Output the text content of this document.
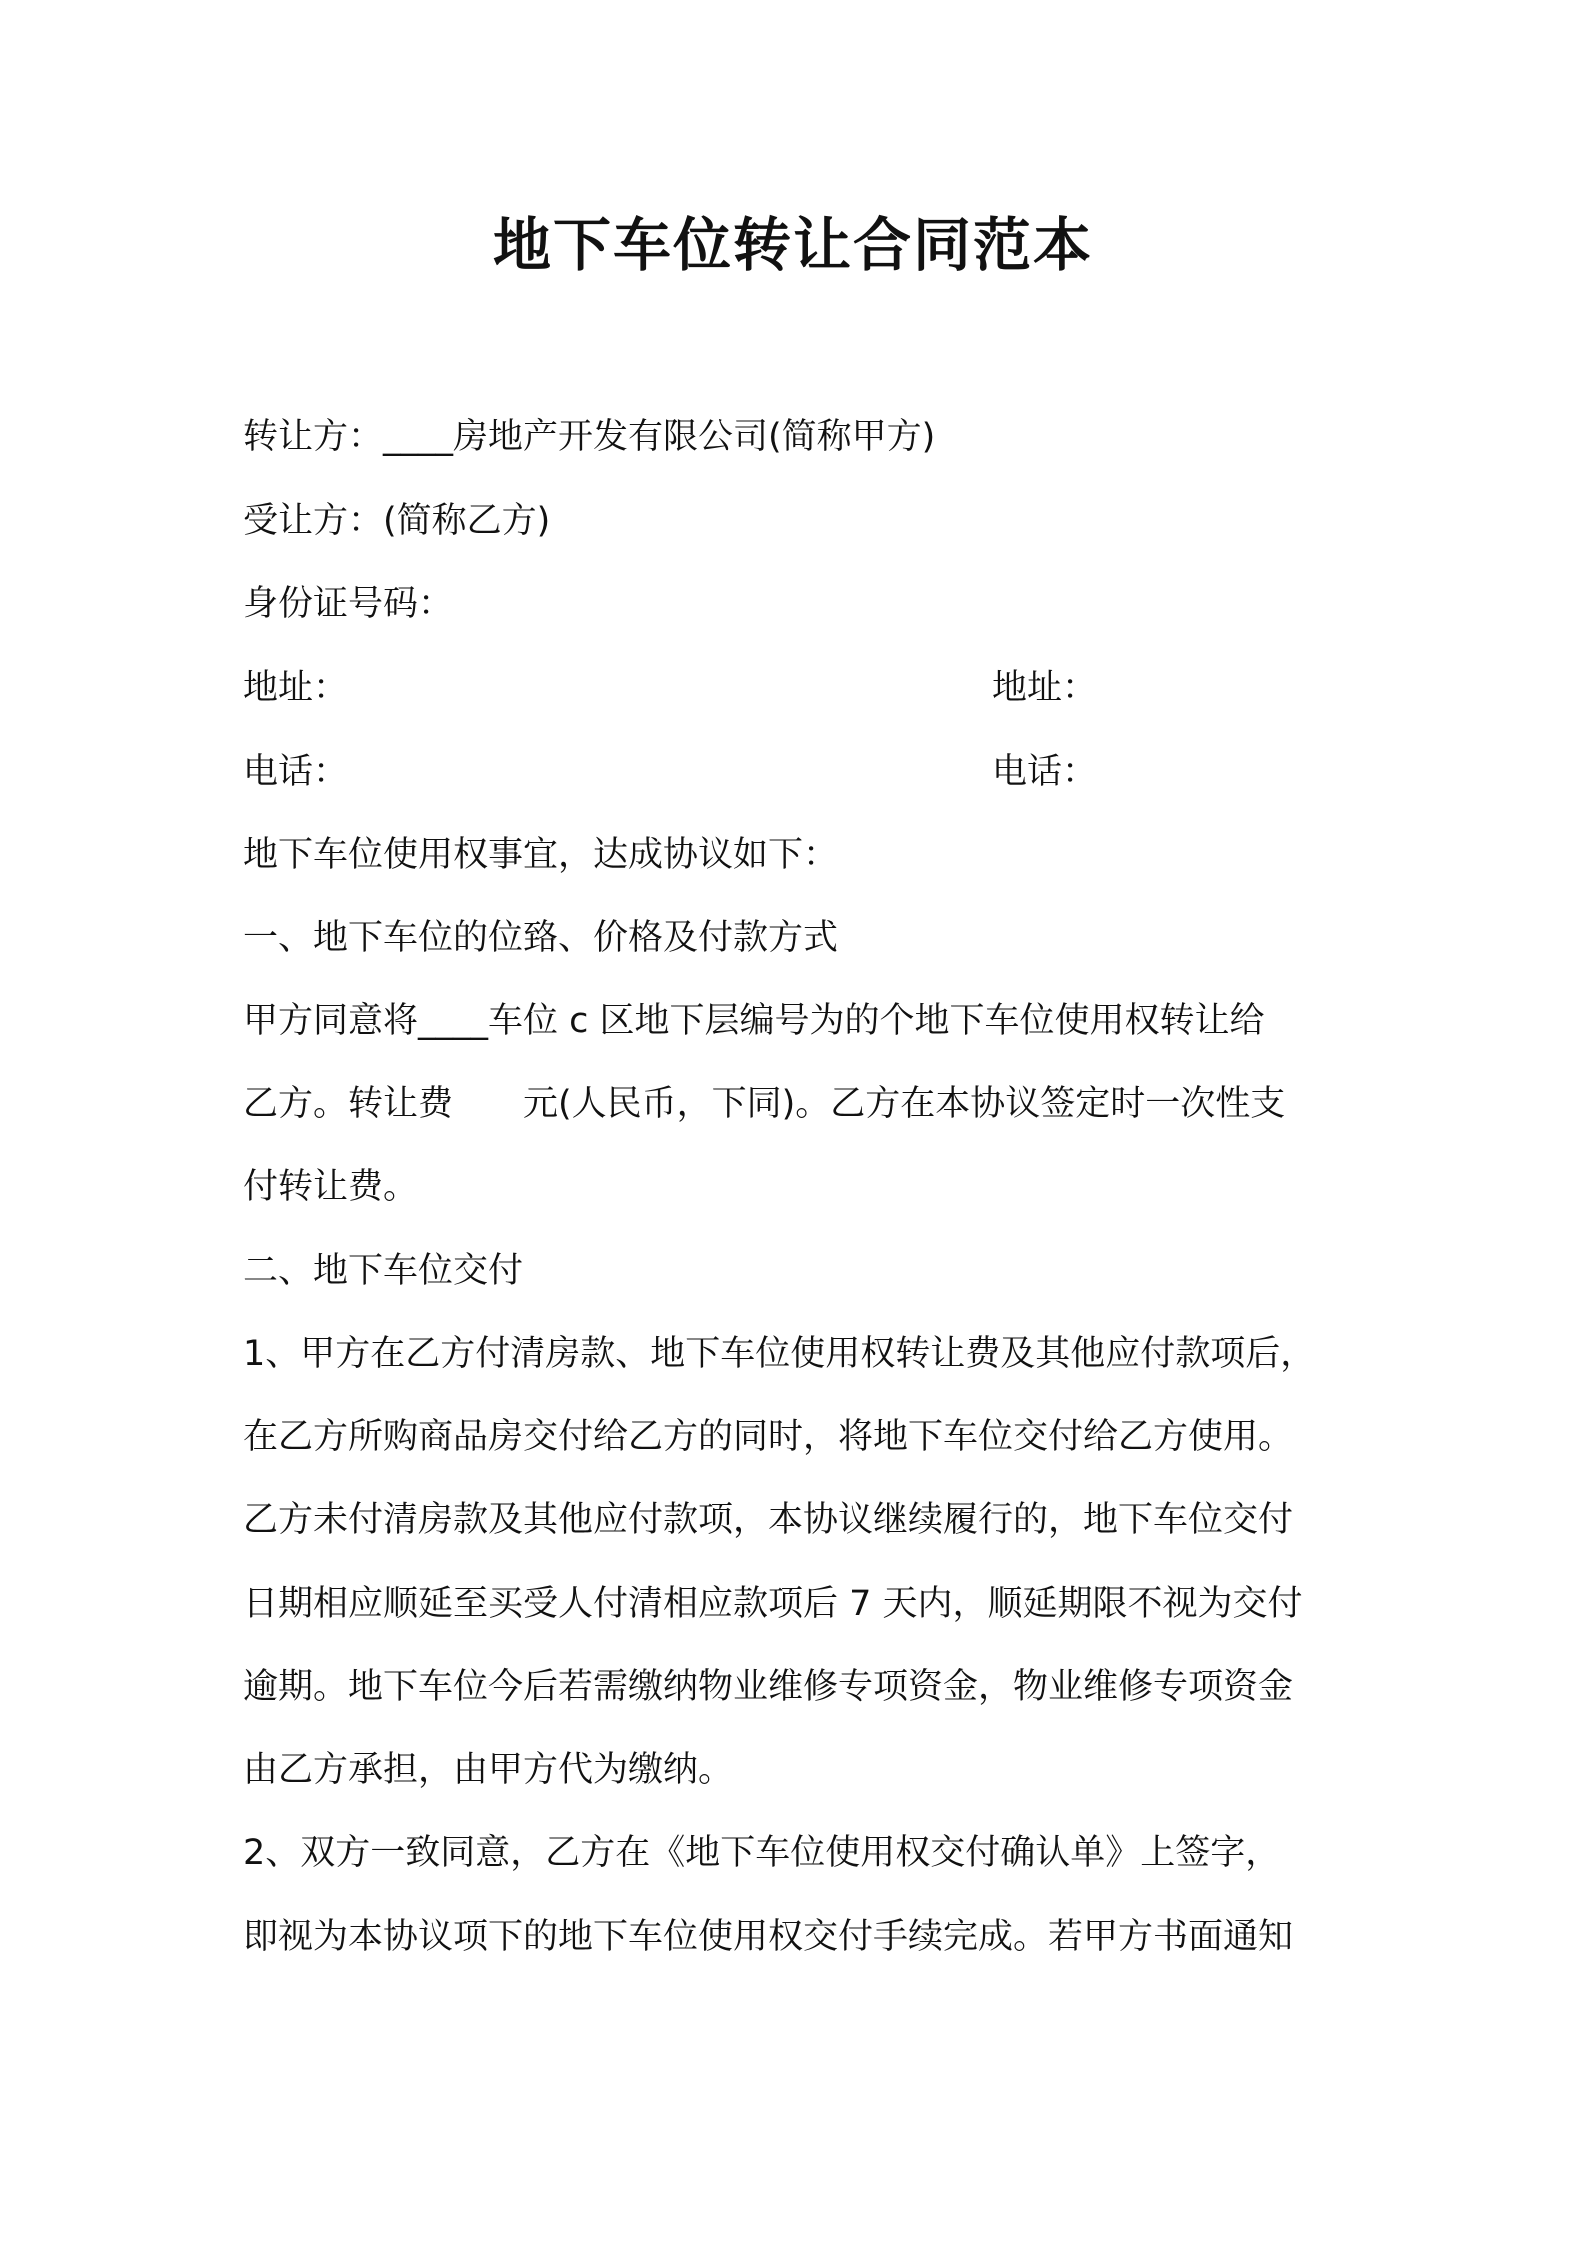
地下车位转让合同范本
转让方：____房地产开发有限公司(简称甲方)
受让方：(简称乙方)
身份证号码：
地址：	地址：
电话：	电话：
地下车位使用权事宜，达成协议如下：
一、地下车位的位臵、价格及付款方式
甲方同意将____车位 c 区地下层编号为的个地下车位使用权转让给
乙方。转让费　　元(人民币，下同)。乙方在本协议签定时一次性支
付转让费。
二、地下车位交付
1、甲方在乙方付清房款、地下车位使用权转让费及其他应付款项后，
在乙方所购商品房交付给乙方的同时，将地下车位交付给乙方使用。
乙方未付清房款及其他应付款项，本协议继续履行的，地下车位交付
日期相应顺延至买受人付清相应款项后 7 天内，顺延期限不视为交付
逾期。地下车位今后若需缴纳物业维修专项资金，物业维修专项资金
由乙方承担，由甲方代为缴纳。
2、双方一致同意，乙方在《地下车位使用权交付确认单》上签字，
即视为本协议项下的地下车位使用权交付手续完成。若甲方书面通知
